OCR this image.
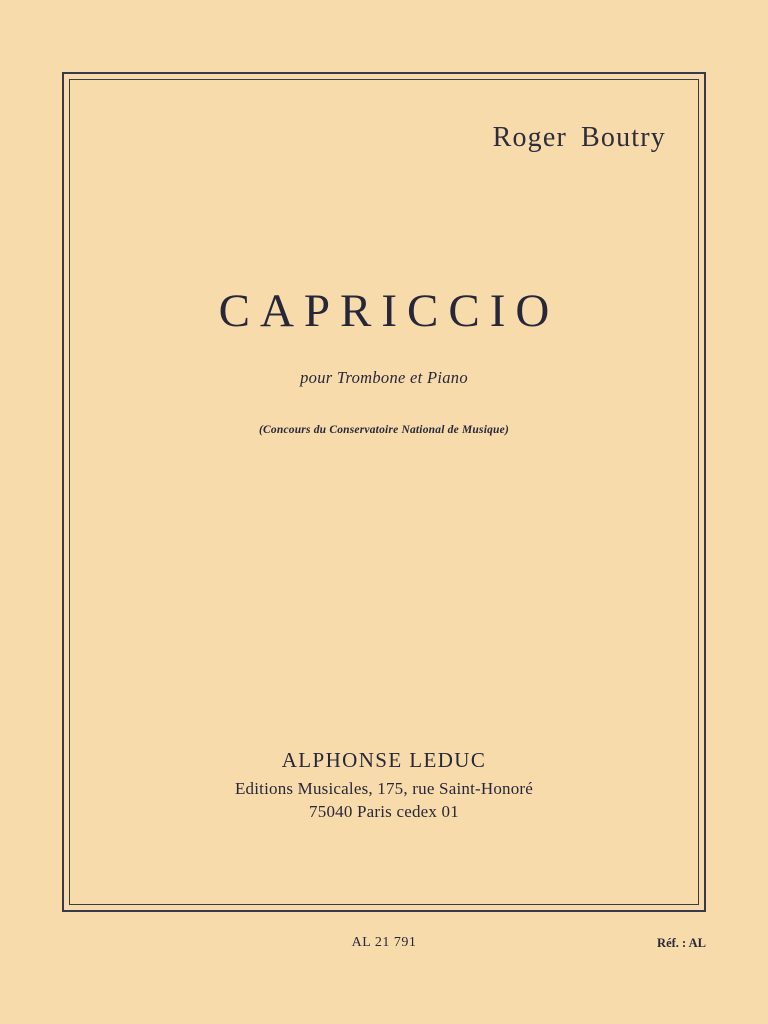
Roger Boutry
CAPRICCIO
pour Trombone et Piano
(Concours du Conservatoire National de Musique)
ALPHONSE LEDUC
Editions Musicales, 175, rue Saint-Honoré
75040 Paris cedex 01
AL 21 791	Réf. : AL
